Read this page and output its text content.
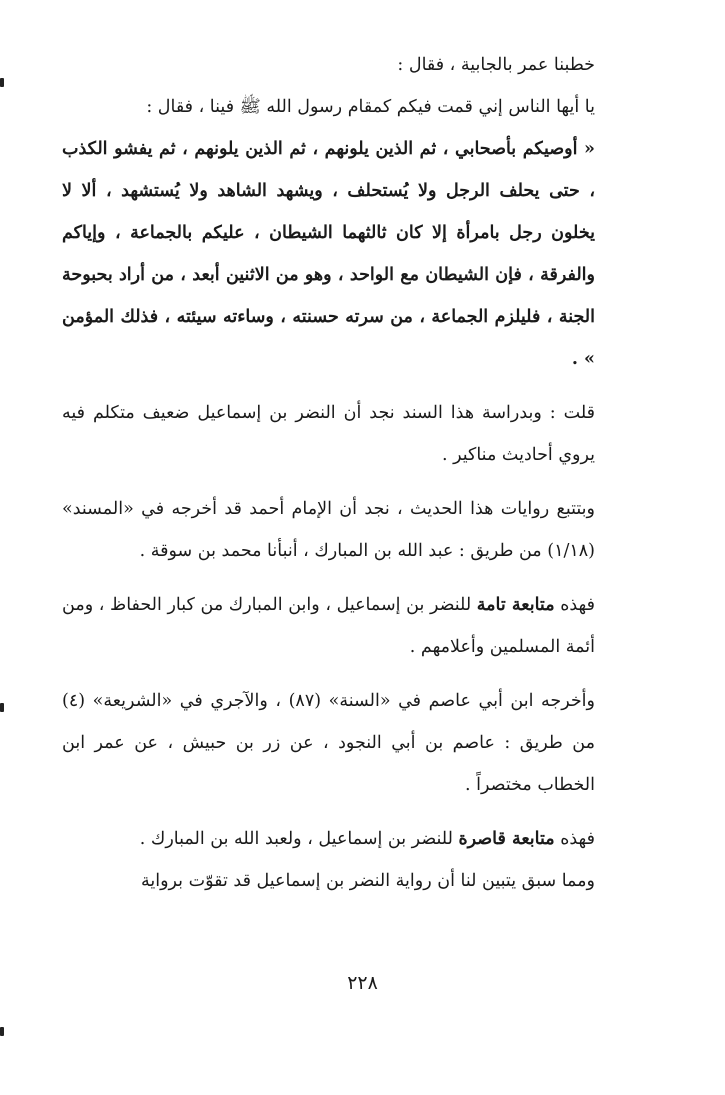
خطبنا عمر بالجابية ، فقال :

يا أيها الناس إني قمت فيكم كمقام رسول الله ﷺ فينا ، فقال :

« أوصيكم بأصحابي ، ثم الذين يلونهم ، ثم الذين يلونهم ، ثم يفشو الكذب ، حتى يحلف الرجل ولا يُستحلف ، ويشهد الشاهد ولا يُستشهد ، ألا لا يخلون رجل بامرأة إلا كان ثالثهما الشيطان ، عليكم بالجماعة ، وإياكم والفرقة ، فإن الشيطان مع الواحد ، وهو من الاثنين أبعد ، من أراد بحبوحة الجنة ، فليلزم الجماعة ، من سرته حسنته ، وساءته سيئته ، فذلك المؤمن » .

قلت : وبدراسة هذا السند نجد أن النضر بن إسماعيل ضعيف متكلم فيه يروي أحاديث مناكير .

وبتتبع روايات هذا الحديث ، نجد أن الإمام أحمد قد أخرجه في «المسند» (١/١٨) من طريق : عبد الله بن المبارك ، أنبأنا محمد بن سوقة .

فهذه متابعة تامة للنضر بن إسماعيل ، وابن المبارك من كبار الحفاظ ، ومن أئمة المسلمين وأعلامهم .

وأخرجه ابن أبي عاصم في «السنة» (٨٧) ، والآجري في «الشريعة» (٤) من طريق : عاصم بن أبي النجود ، عن زر بن حبيش ، عن عمر ابن الخطاب مختصراً .

فهذه متابعة قاصرة للنضر بن إسماعيل ، ولعبد الله بن المبارك .

ومما سبق يتبين لنا أن رواية النضر بن إسماعيل قد تقوّت برواية

٢٢٨
